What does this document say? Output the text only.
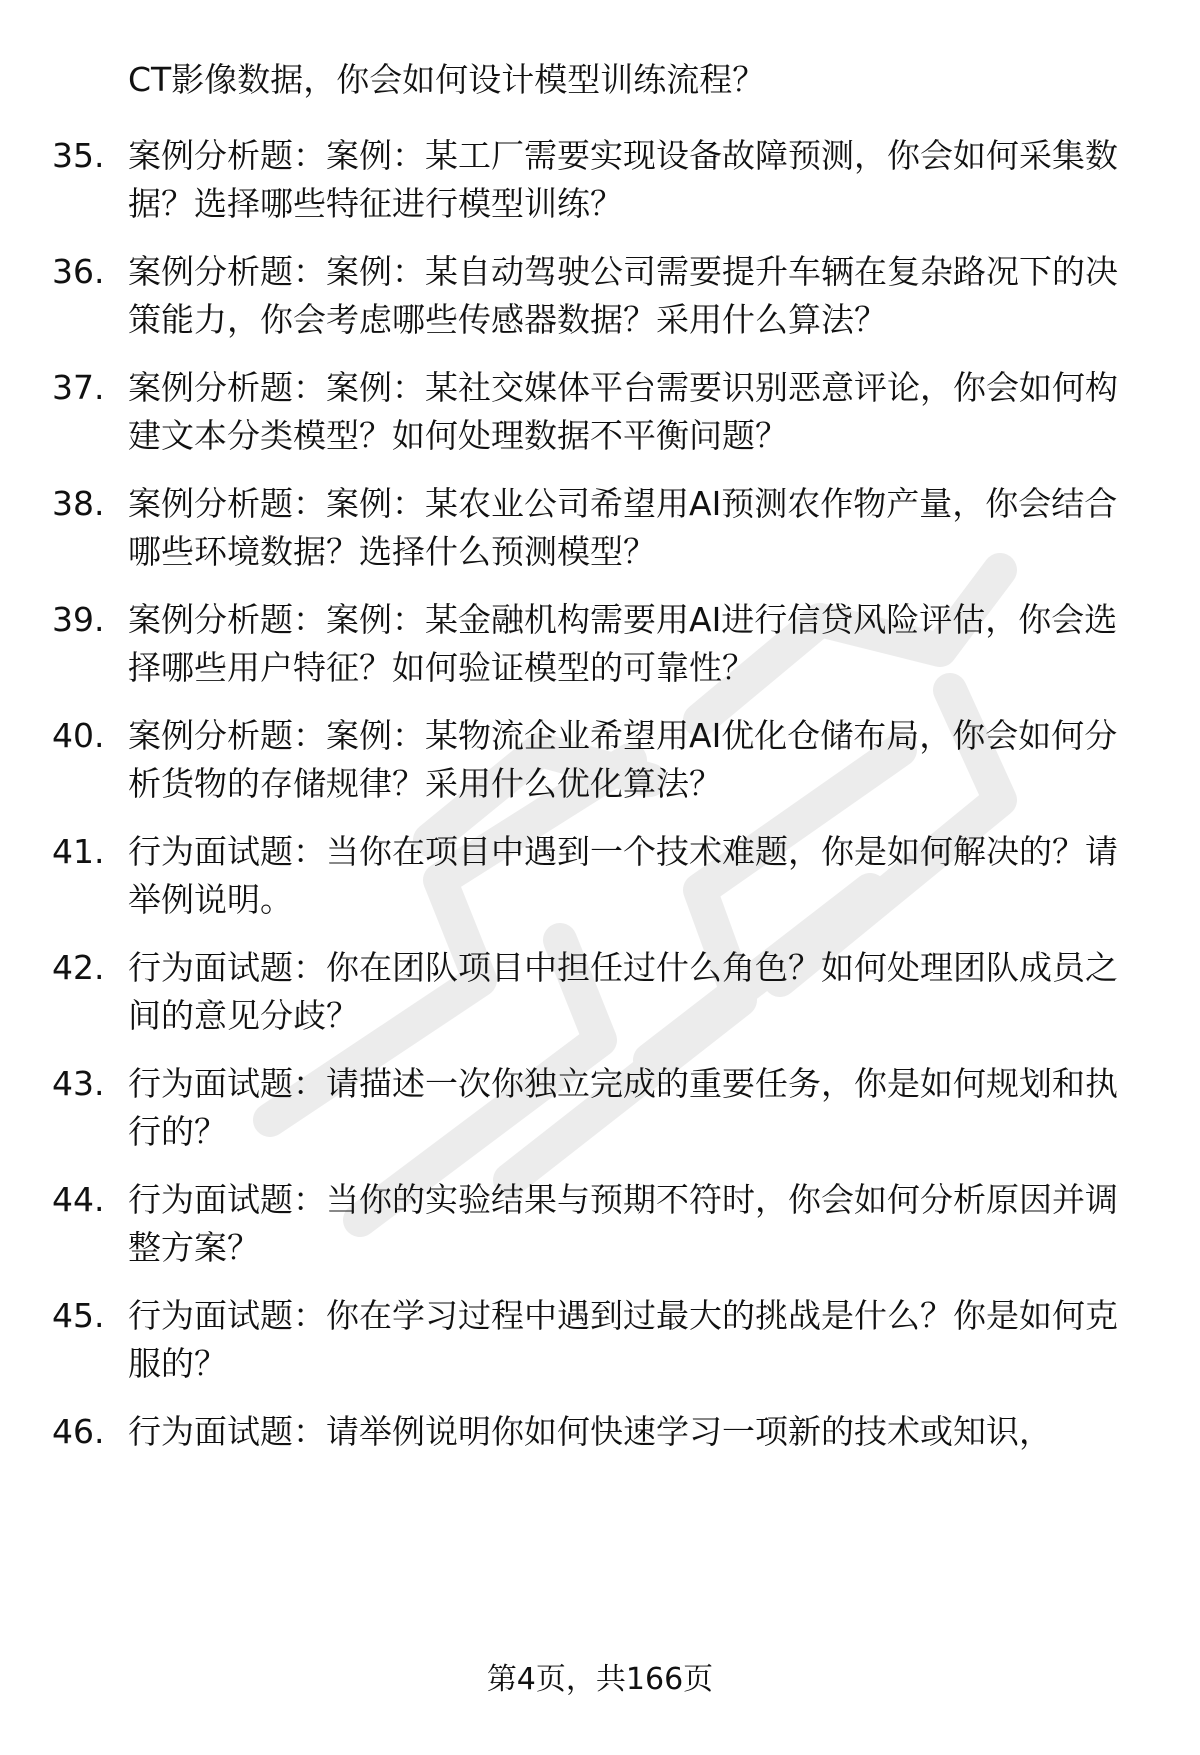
CT影像数据，你会如何设计模型训练流程？
35. 案例分析题：案例：某工厂需要实现设备故障预测，你会如何采集数据？选择哪些特征进行模型训练？
36. 案例分析题：案例：某自动驾驶公司需要提升车辆在复杂路况下的决策能力，你会考虑哪些传感器数据？采用什么算法？
37. 案例分析题：案例：某社交媒体平台需要识别恶意评论，你会如何构建文本分类模型？如何处理数据不平衡问题？
38. 案例分析题：案例：某农业公司希望用AI预测农作物产量，你会结合哪些环境数据？选择什么预测模型？
39. 案例分析题：案例：某金融机构需要用AI进行信贷风险评估，你会选择哪些用户特征？如何验证模型的可靠性？
40. 案例分析题：案例：某物流企业希望用AI优化仓储布局，你会如何分析货物的存储规律？采用什么优化算法？
41. 行为面试题：当你在项目中遇到一个技术难题，你是如何解决的？请举例说明。
42. 行为面试题：你在团队项目中担任过什么角色？如何处理团队成员之间的意见分歧？
43. 行为面试题：请描述一次你独立完成的重要任务，你是如何规划和执行的？
44. 行为面试题：当你的实验结果与预期不符时，你会如何分析原因并调整方案？
45. 行为面试题：你在学习过程中遇到过最大的挑战是什么？你是如何克服的？
46. 行为面试题：请举例说明你如何快速学习一项新的技术或知识，
第4页，共166页
